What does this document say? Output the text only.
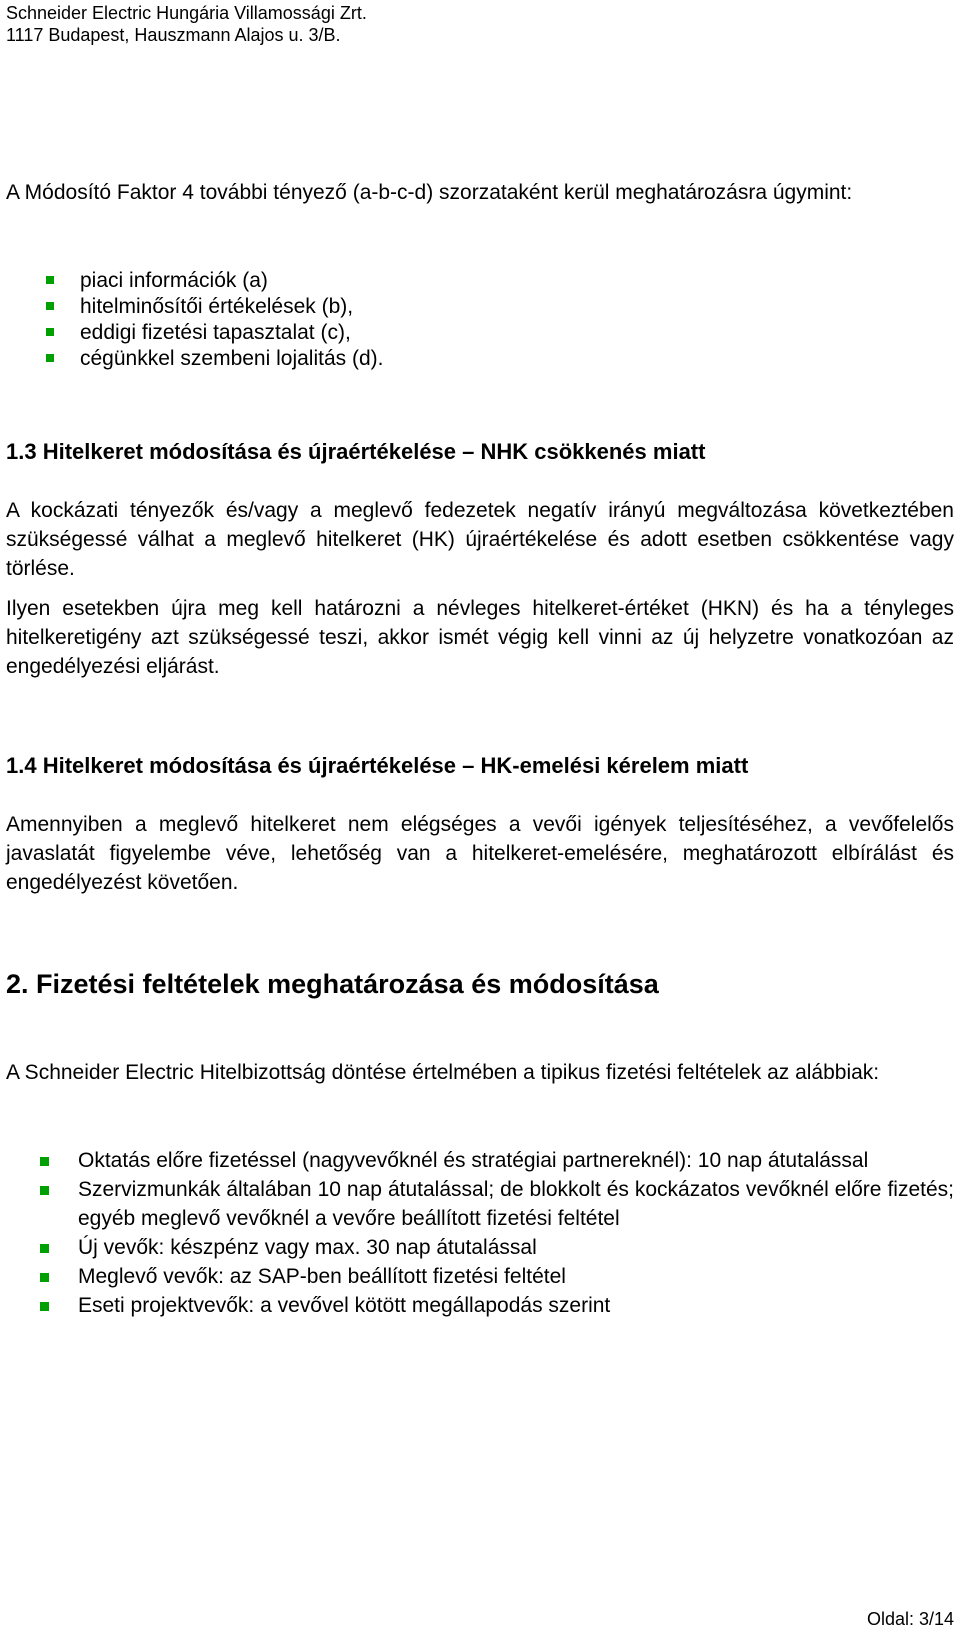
Schneider Electric Hungária Villamossági Zrt.
1117 Budapest, Hauszmann Alajos u. 3/B.

A Módosító Faktor 4 további tényező (a-b-c-d) szorzataként kerül meghatározásra úgymint:

piaci információk (a)
hitelminősítői értékelések (b),
eddigi fizetési tapasztalat (c),
cégünkkel szembeni lojalitás (d).
1.3 Hitelkeret módosítása és újraértékelése – NHK csökkenés miatt

A kockázati tényezők és/vagy a meglevő fedezetek negatív irányú megváltozása következtében szükségessé válhat a meglevő hitelkeret (HK) újraértékelése és adott esetben csökkentése vagy törlése.

Ilyen esetekben újra meg kell határozni a névleges hitelkeret-értéket (HKN) és ha a tényleges hitelkeretigény azt szükségessé teszi, akkor ismét végig kell vinni az új helyzetre vonatkozóan az engedélyezési eljárást.

1.4 Hitelkeret módosítása és újraértékelése – HK-emelési kérelem miatt

Amennyiben a meglevő hitelkeret nem elégséges a vevői igények teljesítéséhez, a vevőfelelős javaslatát figyelembe véve, lehetőség van a hitelkeret-emelésére, meghatározott elbírálást és engedélyezést követően.

2. Fizetési feltételek meghatározása és módosítása

A Schneider Electric Hitelbizottság döntése értelmében a tipikus fizetési feltételek az alábbiak:

Oktatás előre fizetéssel (nagyvevőknél és stratégiai partnereknél): 10 nap átutalással
Szervizmunkák általában 10 nap átutalással; de blokkolt és kockázatos vevőknél előre fizetés; egyéb meglevő vevőknél a vevőre beállított fizetési feltétel
Új vevők: készpénz vagy max. 30 nap átutalással
Meglevő vevők: az SAP-ben beállított fizetési feltétel
Eseti projektvevők: a vevővel kötött megállapodás szerint
Oldal: 3/14
